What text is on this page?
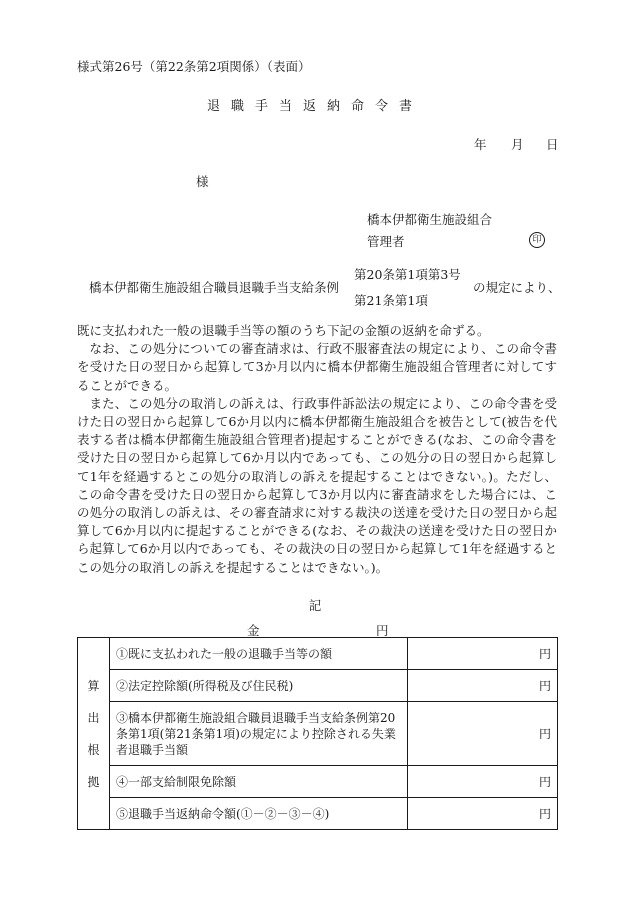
様式第26号（第22条第2項関係）（表面）
退職手当返納命令書
年 月 日
様
橋本伊都衛生施設組合
管理者	印
橋本伊都衛生施設組合職員退職手当支給条例
第20条第1項第3号
第21条第1項
の規定により、

既に支払われた一般の退職手当等の額のうち下記の金額の返納を命ずる。

なお、この処分についての審査請求は、行政不服審査法の規定により、この命令書を受けた日の翌日から起算して3か月以内に橋本伊都衛生施設組合管理者に対してすることができる。

また、この処分の取消しの訴えは、行政事件訴訟法の規定により、この命令書を受けた日の翌日から起算して6か月以内に橋本伊都衛生施設組合を被告として(被告を代表する者は橋本伊都衛生施設組合管理者)提起することができる(なお、この命令書を受けた日の翌日から起算して6か月以内であっても、この処分の日の翌日から起算して1年を経過するとこの処分の取消しの訴えを提起することはできない。)。ただし、この命令書を受けた日の翌日から起算して3か月以内に審査請求をした場合には、この処分の取消しの訴えは、その審査請求に対する裁決の送達を受けた日の翌日から起算して6か月以内に提起することができる(なお、その裁決の送達を受けた日の翌日から起算して6か月以内であっても、その裁決の日の翌日から起算して1年を経過するとこの処分の取消しの訴えを提起することはできない。)。

記
金	円
算
出
根
拠	①既に支払われた一般の退職手当等の額	円
	②法定控除額(所得税及び住民税)	円
	③橋本伊都衛生施設組合職員退職手当支給条例第20条第1項(第21条第1項)の規定により控除される失業者退職手当額	円
	④一部支給制限免除額	円
	⑤退職手当返納命令額(①－②－③－④)	円
